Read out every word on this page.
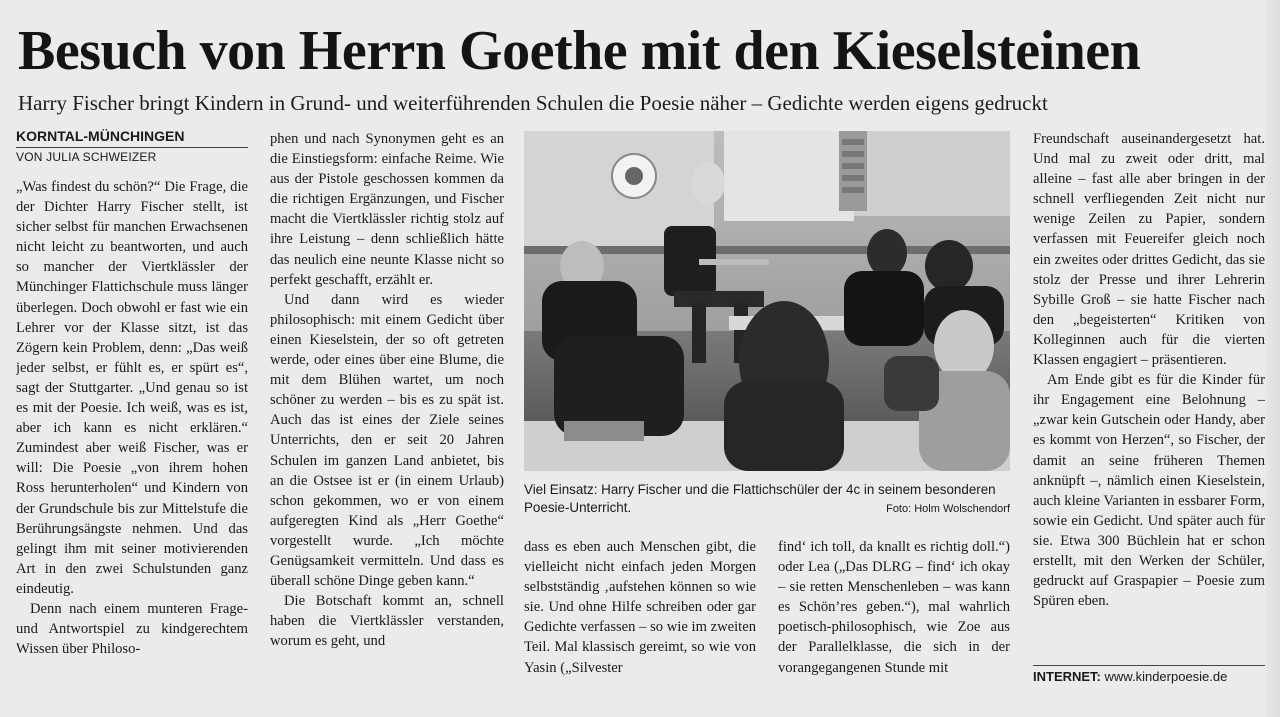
Besuch von Herrn Goethe mit den Kieselsteinen
Harry Fischer bringt Kindern in Grund- und weiterführenden Schulen die Poesie näher – Gedichte werden eigens gedruckt
KORNTAL-MÜNCHINGEN
VON JULIA SCHWEIZER

„Was findest du schön?“ Die Frage, die der Dichter Harry Fischer stellt, ist sicher selbst für manchen Erwachsenen nicht leicht zu beantworten, und auch so mancher der Viertklässler der Münchinger Flattichschule muss länger überlegen. Doch obwohl er fast wie ein Lehrer vor der Klasse sitzt, ist das Zögern kein Problem, denn: „Das weiß jeder selbst, er fühlt es, er spürt es“, sagt der Stuttgarter. „Und genau so ist es mit der Poesie. Ich weiß, was es ist, aber ich kann es nicht erklären.“ Zumindest aber weiß Fischer, was er will: Die Poesie „von ihrem hohen Ross herunterholen“ und Kindern von der Grundschule bis zur Mittelstufe die Berührungsängste nehmen. Und das gelingt ihm mit seiner motivierenden Art in den zwei Schulstunden ganz eindeutig.

Denn nach einem munteren Frage- und Antwortspiel zu kindgerechtem Wissen über Philoso-

phen und nach Synonymen geht es an die Einstiegsform: einfache Reime. Wie aus der Pistole geschossen kommen da die richtigen Ergänzungen, und Fischer macht die Viertklässler richtig stolz auf ihre Leistung – denn schließlich hätte das neulich eine neunte Klasse nicht so perfekt geschafft, erzählt er.

Und dann wird es wieder philosophisch: mit einem Gedicht über einen Kieselstein, der so oft getreten werde, oder eines über eine Blume, die mit dem Blühen wartet, um noch schöner zu werden – bis es zu spät ist. Auch das ist eines der Ziele seines Unterrichts, den er seit 20 Jahren Schulen im ganzen Land anbietet, bis an die Ostsee ist er (in einem Urlaub) schon gekommen, wo er von einem aufgeregten Kind als „Herr Goethe“ vorgestellt wurde. „Ich möchte Genügsamkeit vermitteln. Und dass es überall schöne Dinge geben kann.“

Die Botschaft kommt an, schnell haben die Viertklässler verstanden, worum es geht, und

Viel Einsatz: Harry Fischer und die Flattichschüler der 4c in seinem besonderen Poesie-Unterricht.	Foto: Holm Wolschendorf

dass es eben auch Menschen gibt, die vielleicht nicht einfach jeden Morgen selbstständig ‚aufstehen können so wie sie. Und ohne Hilfe schreiben oder gar Gedichte verfassen – so wie im zweiten Teil. Mal klassisch gereimt, so wie von Yasin („Silvester

find‘ ich toll, da knallt es richtig doll.“) oder Lea („Das DLRG – find‘ ich okay – sie retten Menschenleben – was kann es Schön’res geben.“), mal wahrlich poetisch-philosophisch, wie Zoe aus der Parallelklasse, die sich in der vorangegangenen Stunde mit

Freundschaft auseinandergesetzt hat. Und mal zu zweit oder dritt, mal alleine – fast alle aber bringen in der schnell verfliegenden Zeit nicht nur wenige Zeilen zu Papier, sondern verfassen mit Feuereifer gleich noch ein zweites oder drittes Gedicht, das sie stolz der Presse und ihrer Lehrerin Sybille Groß – sie hatte Fischer nach den „begeisterten“ Kritiken von Kolleginnen auch für die vierten Klassen engagiert – präsentieren.

Am Ende gibt es für die Kinder für ihr Engagement eine Belohnung – „zwar kein Gutschein oder Handy, aber es kommt von Herzen“, so Fischer, der damit an seine früheren Themen anknüpft –, nämlich einen Kieselstein, auch kleine Varianten in essbarer Form, sowie ein Gedicht. Und später auch für sie. Etwa 300 Büchlein hat er schon erstellt, mit den Werken der Schüler, gedruckt auf Graspapier – Poesie zum Spüren eben.

INTERNET: www.kinderpoesie.de
